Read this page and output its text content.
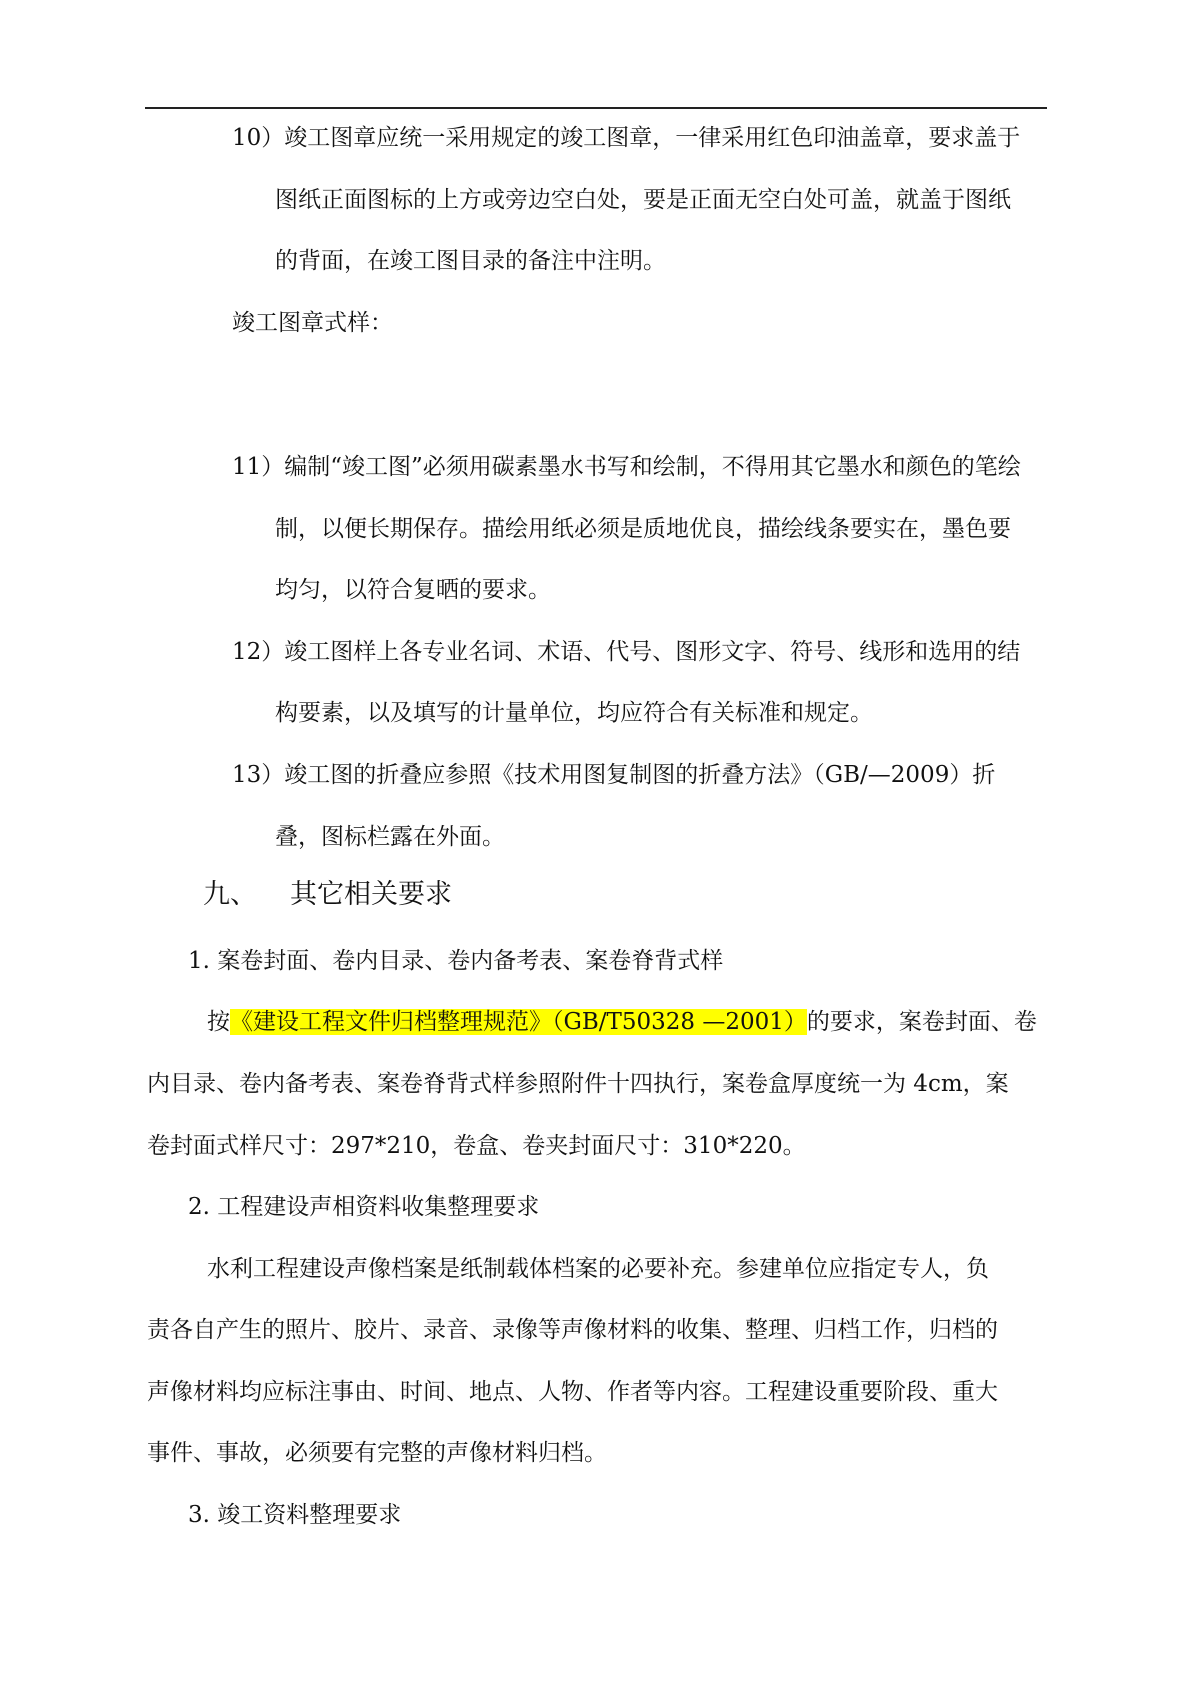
10）竣工图章应统一采用规定的竣工图章，一律采用红色印油盖章，要求盖于
图纸正面图标的上方或旁边空白处，要是正面无空白处可盖，就盖于图纸
的背面，在竣工图目录的备注中注明。
竣工图章式样：
11）编制“竣工图”必须用碳素墨水书写和绘制，不得用其它墨水和颜色的笔绘
制，以便长期保存。描绘用纸必须是质地优良，描绘线条要实在，墨色要
均匀，以符合复晒的要求。
12）竣工图样上各专业名词、术语、代号、图形文字、符号、线形和选用的结
构要素，以及填写的计量单位，均应符合有关标准和规定。
13）竣工图的折叠应参照《技术用图复制图的折叠方法》（GB/—2009）折
叠，图标栏露在外面。
九、 其它相关要求
1. 案卷封面、卷内目录、卷内备考表、案卷脊背式样
按《建设工程文件归档整理规范》（GB/T50328 —2001）的要求，案卷封面、卷
内目录、卷内备考表、案卷脊背式样参照附件十四执行，案卷盒厚度统一为 4cm，案
卷封面式样尺寸：297*210，卷盒、卷夹封面尺寸：310*220。
2. 工程建设声相资料收集整理要求
水利工程建设声像档案是纸制载体档案的必要补充。参建单位应指定专人，负
责各自产生的照片、胶片、录音、录像等声像材料的收集、整理、归档工作，归档的
声像材料均应标注事由、时间、地点、人物、作者等内容。工程建设重要阶段、重大
事件、事故，必须要有完整的声像材料归档。
3. 竣工资料整理要求
